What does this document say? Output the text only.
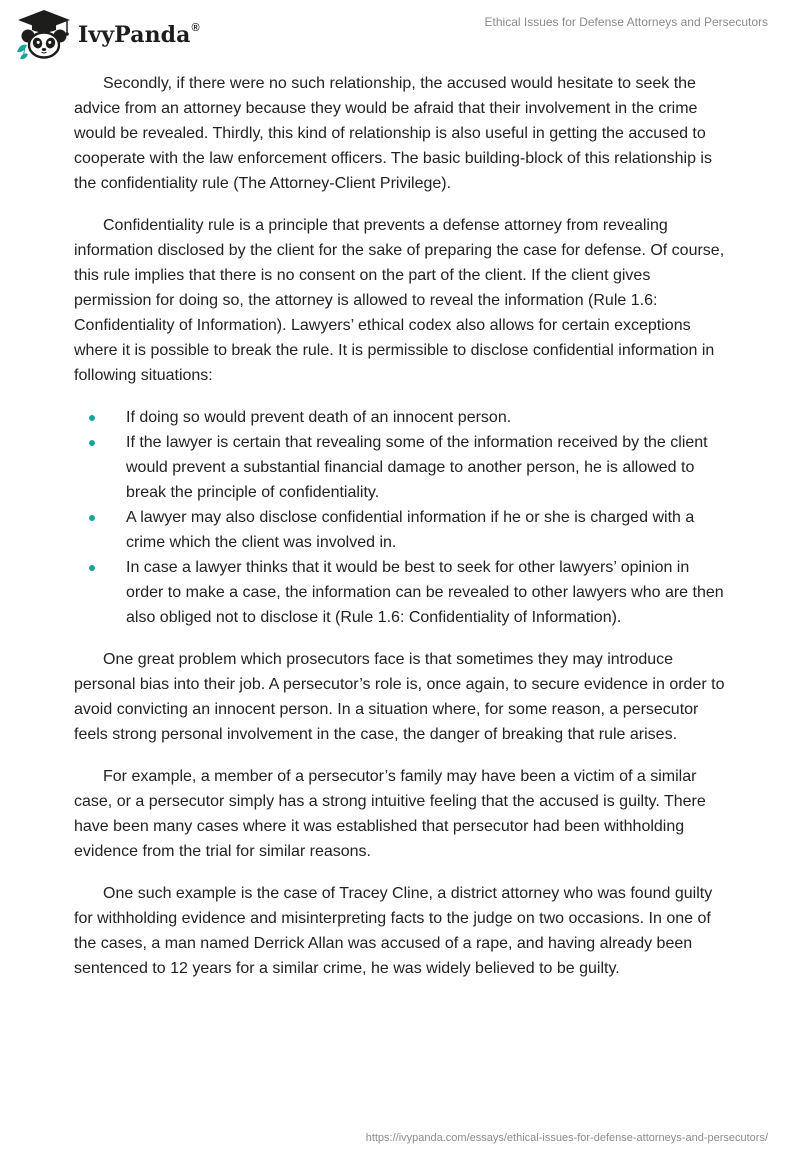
IvyPanda®	Ethical Issues for Defense Attorneys and Persecutors

Secondly, if there were no such relationship, the accused would hesitate to seek the advice from an attorney because they would be afraid that their involvement in the crime would be revealed. Thirdly, this kind of relationship is also useful in getting the accused to cooperate with the law enforcement officers. The basic building-block of this relationship is the confidentiality rule (The Attorney-Client Privilege).

Confidentiality rule is a principle that prevents a defense attorney from revealing information disclosed by the client for the sake of preparing the case for defense. Of course, this rule implies that there is no consent on the part of the client. If the client gives permission for doing so, the attorney is allowed to reveal the information (Rule 1.6: Confidentiality of Information). Lawyers’ ethical codex also allows for certain exceptions where it is possible to break the rule. It is permissible to disclose confidential information in following situations:

If doing so would prevent death of an innocent person.
If the lawyer is certain that revealing some of the information received by the client would prevent a substantial financial damage to another person, he is allowed to break the principle of confidentiality.
A lawyer may also disclose confidential information if he or she is charged with a crime which the client was involved in.
In case a lawyer thinks that it would be best to seek for other lawyers’ opinion in order to make a case, the information can be revealed to other lawyers who are then also obliged not to disclose it (Rule 1.6: Confidentiality of Information).

One great problem which prosecutors face is that sometimes they may introduce personal bias into their job. A persecutor’s role is, once again, to secure evidence in order to avoid convicting an innocent person. In a situation where, for some reason, a persecutor feels strong personal involvement in the case, the danger of breaking that rule arises.

For example, a member of a persecutor’s family may have been a victim of a similar case, or a persecutor simply has a strong intuitive feeling that the accused is guilty. There have been many cases where it was established that persecutor had been withholding evidence from the trial for similar reasons.

One such example is the case of Tracey Cline, a district attorney who was found guilty for withholding evidence and misinterpreting facts to the judge on two occasions. In one of the cases, a man named Derrick Allan was accused of a rape, and having already been sentenced to 12 years for a similar crime, he was widely believed to be guilty.

https://ivypanda.com/essays/ethical-issues-for-defense-attorneys-and-persecutors/
